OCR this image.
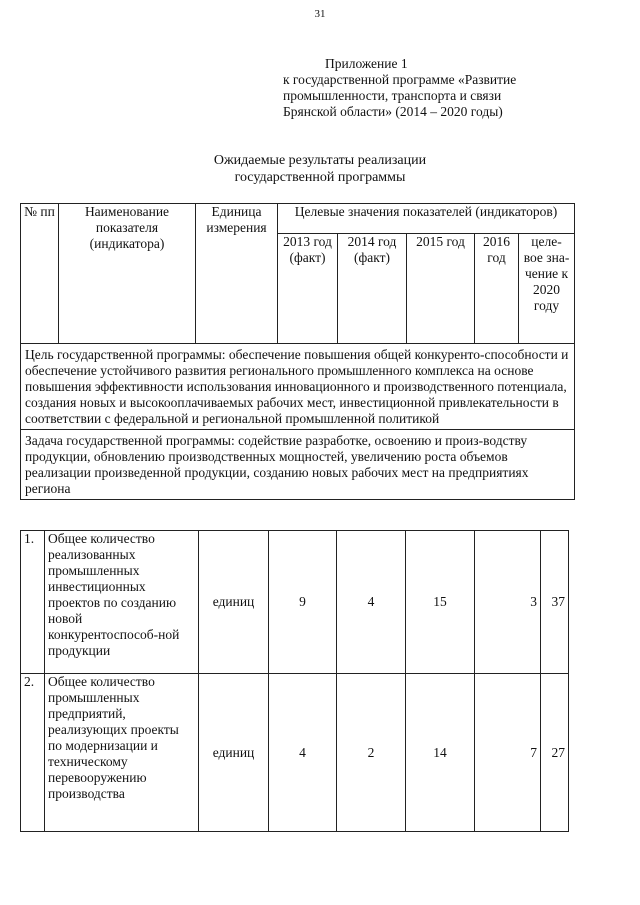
31
Приложение 1
к государственной программе «Развитие
промышленности, транспорта и связи
Брянской области» (2014 – 2020 годы)
Ожидаемые результаты реализации
государственной программы
№ пп	Наименование показателя (индикатора)	Единица измерения	Целевые значения показателей (индикаторов)				
			2013 год (факт)	2014 год (факт)	2015 год	2016 год	целе-вое зна-чение к 2020 году
Цель государственной программы: обеспечение повышения общей конкуренто-способности и обеспечение устойчивого развития регионального промышленного комплекса на основе повышения эффективности использования инновационного и производственного потенциала, создания новых и высокооплачиваемых рабочих мест, инвестиционной привлекательности в соответствии с федеральной и региональной промышленной политикой							
Задача государственной программы: содействие разработке, освоению и произ-водству продукции, обновлению производственных мощностей, увеличению роста объемов реализации произведенной продукции, созданию новых рабочих мест на предприятиях региона							
1.	Общее количество реализованных промышленных инвестиционных проектов по созданию новой конкурентоспособ-ной продукции	единиц	9	4	15	3	37
2.	Общее количество промышленных предприятий, реализующих проекты по модернизации и техническому перевооружению производства	единиц	4	2	14	7	27
